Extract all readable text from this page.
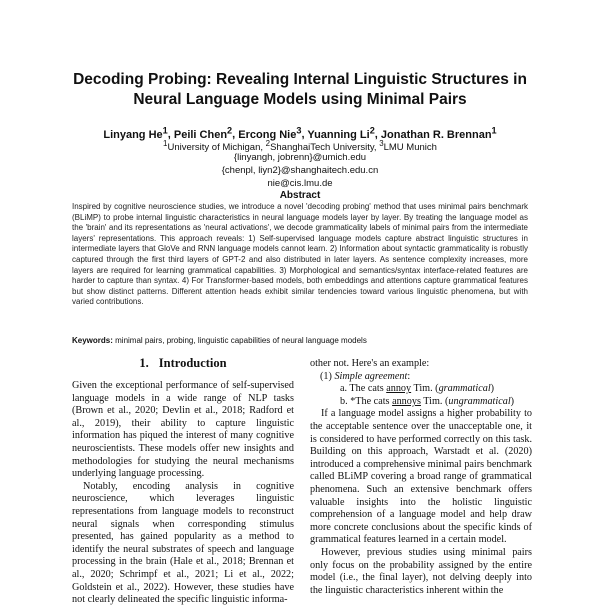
Decoding Probing: Revealing Internal Linguistic Structures in
Neural Language Models using Minimal Pairs
Linyang He$^1$, Peili Chen$^2$, Ercong Nie$^3$, Yuanning Li$^2$, Jonathan R. Brennan$^1$
$^1$University of Michigan, $^2$ShanghaiTech University, $^3$LMU Munich
{linyangh, jobrenn}@umich.edu
{chenpl, liyn2}@shanghaitech.edu.cn
nie@cis.lmu.de
Abstract
Inspired by cognitive neuroscience studies, we introduce a novel 'decoding probing' method that uses minimal pairs benchmark (BLiMP) to probe internal linguistic characteristics in neural language models layer by layer. By treating the language model as the 'brain' and its representations as 'neural activations', we decode grammaticality labels of minimal pairs from the intermediate layers' representations. This approach reveals: 1) Self-supervised language models capture abstract linguistic structures in intermediate layers that GloVe and RNN language models cannot learn. 2) Information about syntactic grammaticality is robustly captured through the first third layers of GPT-2 and also distributed in later layers. As sentence complexity increases, more layers are required for learning grammatical capabilities. 3) Morphological and semantics/syntax interface-related features are harder to capture than syntax. 4) For Transformer-based models, both embeddings and attentions capture grammatical features but show distinct patterns. Different attention heads exhibit similar tendencies toward various linguistic phenomena, but with varied contributions.
Keywords: minimal pairs, probing, linguistic capabilities of neural language models
1. Introduction

Given the exceptional performance of self-supervised language models in a wide range of NLP tasks (Brown et al., 2020; Devlin et al., 2018; Radford et al., 2019), their ability to capture linguistic information has piqued the interest of many cognitive neuroscientists. These models offer new insights and methodologies for studying the neural mechanisms underlying language processing.

Notably, encoding analysis in cognitive neuroscience, which leverages linguistic representations from language models to reconstruct neural signals when corresponding stimulus presented, has gained popularity as a method to identify the neural substrates of speech and language processing in the brain (Hale et al., 2018; Brennan et al., 2020; Schrimpf et al., 2021; Li et al., 2022; Goldstein et al., 2022). However, these studies have not clearly delineated the specific linguistic informa-

other not. Here's an example:

(1) Simple agreement:

a. The cats annoy Tim. (grammatical)

b. *The cats annoys Tim. (ungrammatical)

If a language model assigns a higher probability to the acceptable sentence over the unacceptable one, it is considered to have performed correctly on this task. Building on this approach, Warstadt et al. (2020) introduced a comprehensive minimal pairs benchmark called BLiMP covering a broad range of grammatical phenomena. Such an extensive benchmark offers valuable insights into the holistic linguistic comprehension of a language model and help draw more concrete conclusions about the specific kinds of grammatical features learned in a certain model.

However, previous studies using minimal pairs only focus on the probability assigned by the entire model (i.e., the final layer), not delving deeply into the linguistic characteristics inherent within the
